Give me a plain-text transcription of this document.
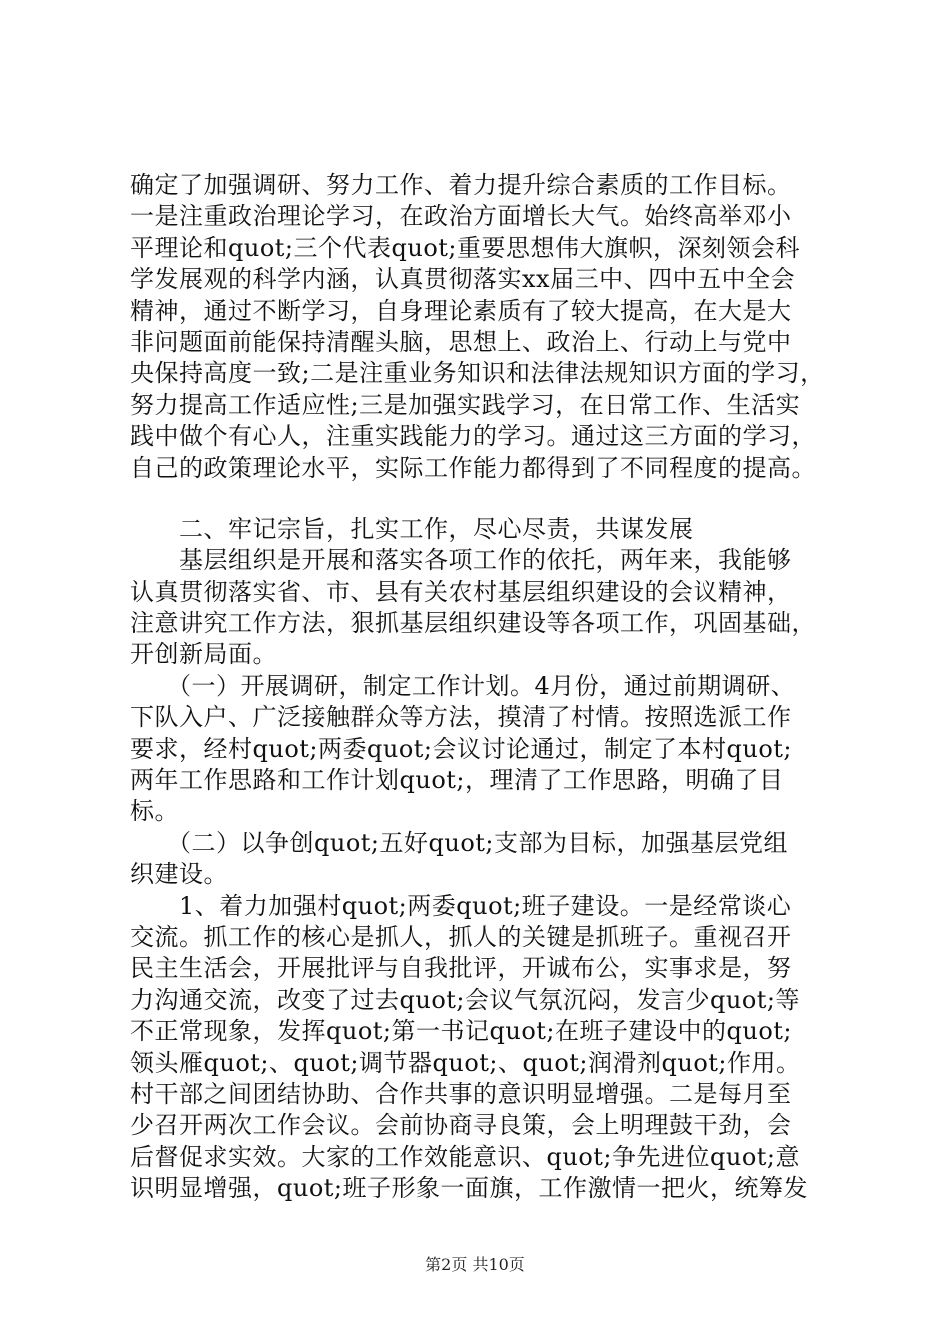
确定了加强调研、努力工作、着力提升综合素质的工作目标。
一是注重政治理论学习，在政治方面增长大气。始终高举邓小
平理论和quot;三个代表quot;重要思想伟大旗帜，深刻领会科
学发展观的科学内涵，认真贯彻落实xx届三中、四中五中全会
精神，通过不断学习，自身理论素质有了较大提高，在大是大
非问题面前能保持清醒头脑，思想上、政治上、行动上与党中
央保持高度一致;二是注重业务知识和法律法规知识方面的学习，
努力提高工作适应性;三是加强实践学习，在日常工作、生活实
践中做个有心人，注重实践能力的学习。通过这三方面的学习，
自己的政策理论水平，实际工作能力都得到了不同程度的提高。
　　二、牢记宗旨，扎实工作，尽心尽责，共谋发展
　　基层组织是开展和落实各项工作的依托，两年来，我能够
认真贯彻落实省、市、县有关农村基层组织建设的会议精神，
注意讲究工作方法，狠抓基层组织建设等各项工作，巩固基础，
开创新局面。
　　（一）开展调研，制定工作计划。4月份，通过前期调研、
下队入户、广泛接触群众等方法，摸清了村情。按照选派工作
要求，经村quot;两委quot;会议讨论通过，制定了本村quot;
两年工作思路和工作计划quot;，理清了工作思路，明确了目
标。
　　（二）以争创quot;五好quot;支部为目标，加强基层党组
织建设。
　　1、着力加强村quot;两委quot;班子建设。一是经常谈心
交流。抓工作的核心是抓人，抓人的关键是抓班子。重视召开
民主生活会，开展批评与自我批评，开诚布公，实事求是，努
力沟通交流，改变了过去quot;会议气氛沉闷，发言少quot;等
不正常现象，发挥quot;第一书记quot;在班子建设中的quot;
领头雁quot;、quot;调节器quot;、quot;润滑剂quot;作用。
村干部之间团结协助、合作共事的意识明显增强。二是每月至
少召开两次工作会议。会前协商寻良策，会上明理鼓干劲，会
后督促求实效。大家的工作效能意识、quot;争先进位quot;意
识明显增强，quot;班子形象一面旗，工作激情一把火，统筹发
第2页 共10页
